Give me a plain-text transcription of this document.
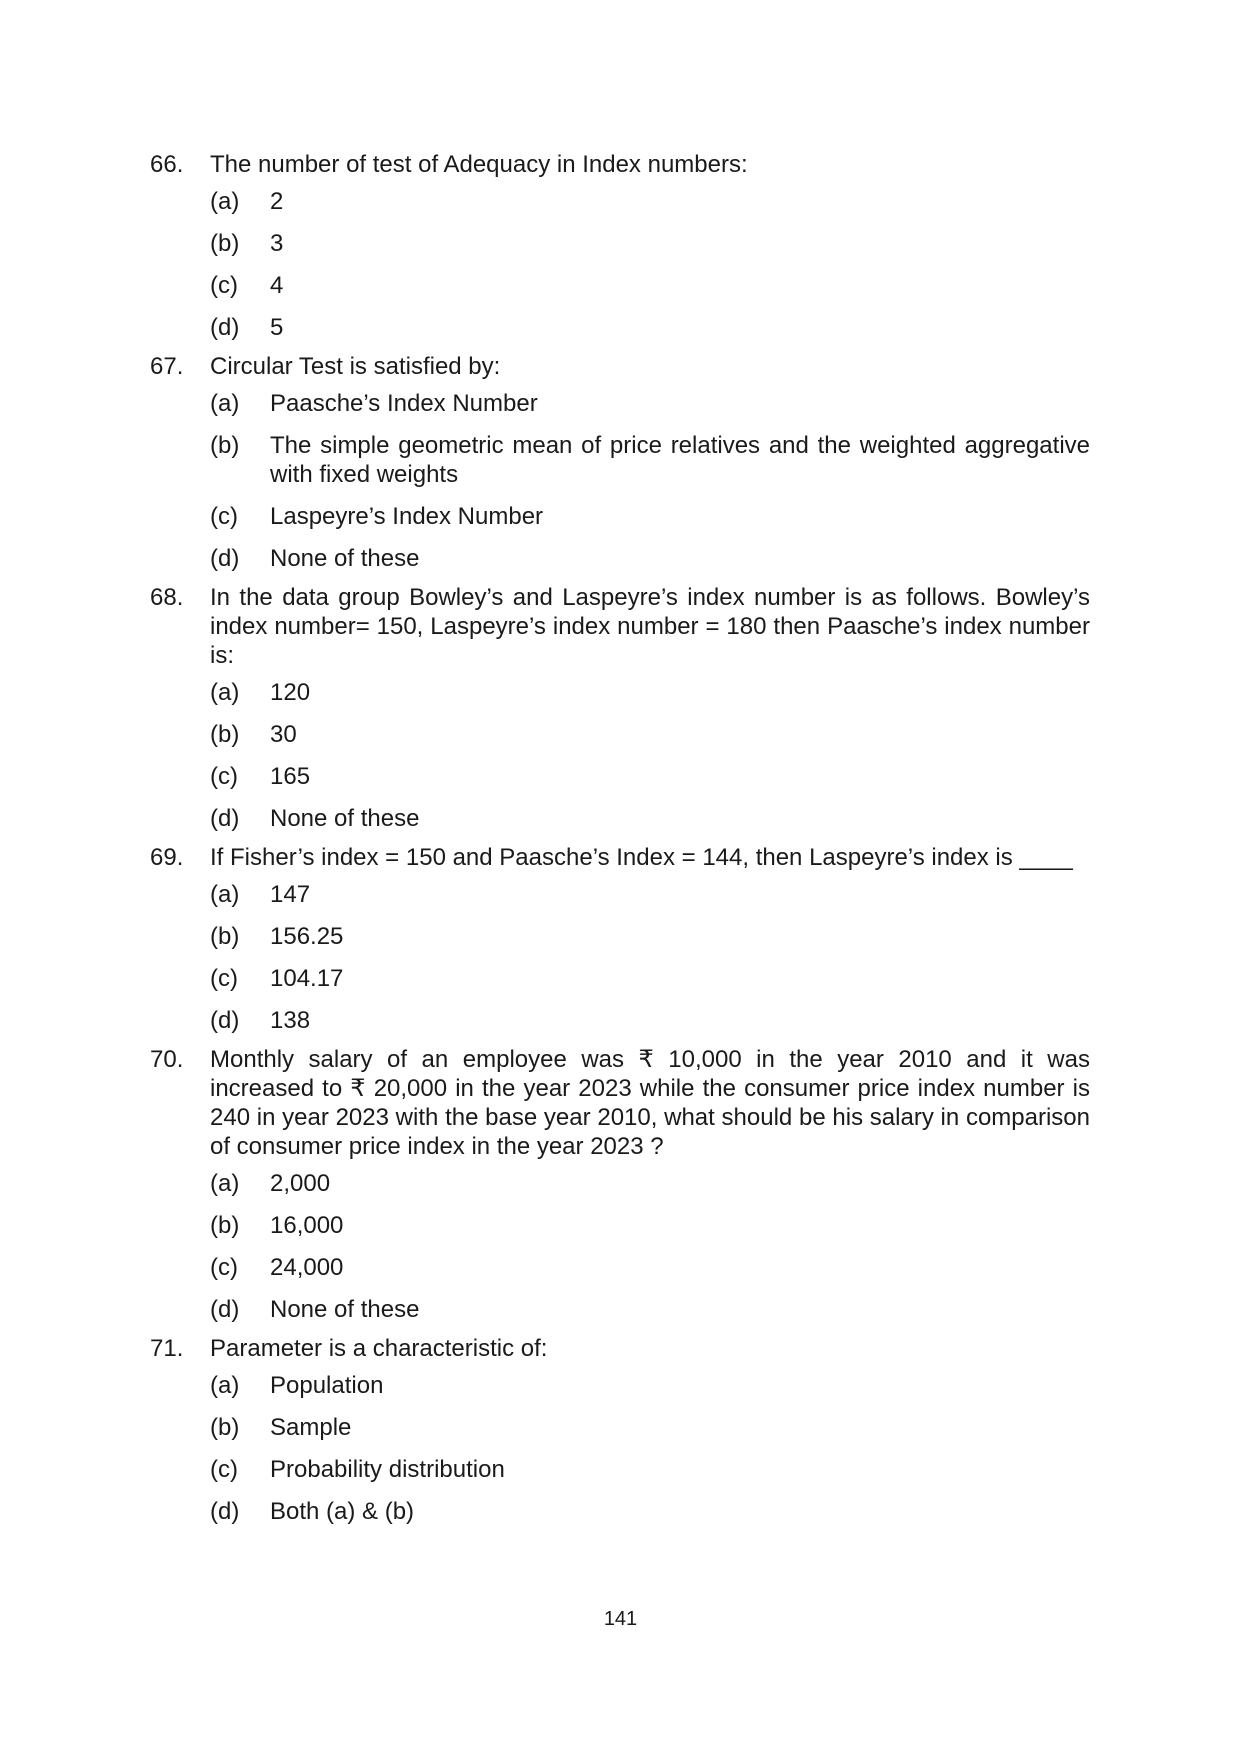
66.	The number of test of Adequacy in Index numbers:
(a)	2
(b)	3
(c)	4
(d)	5
67.	Circular Test is satisfied by:
(a)	Paasche’s Index Number
(b)	The simple geometric mean of price relatives and the weighted aggregative with fixed weights
(c)	Laspeyre’s Index Number
(d)	None of these
68.	In the data group Bowley’s and Laspeyre’s index number is as follows. Bowley’s index number= 150, Laspeyre’s index number = 180 then Paasche’s index number is:
(a)	120
(b)	30
(c)	165
(d)	None of these
69.	If Fisher’s index = 150 and Paasche’s Index = 144, then Laspeyre’s index is ____
(a)	147
(b)	156.25
(c)	104.17
(d)	138
70.	Monthly salary of an employee was ₹ 10,000 in the year 2010 and it was increased to ₹ 20,000 in the year 2023 while the consumer price index number is 240 in year 2023 with the base year 2010, what should be his salary in comparison of consumer price index in the year 2023 ?
(a)	2,000
(b)	16,000
(c)	24,000
(d)	None of these
71.	Parameter is a characteristic of:
(a)	Population
(b)	Sample
(c)	Probability distribution
(d)	Both (a) & (b)
141
